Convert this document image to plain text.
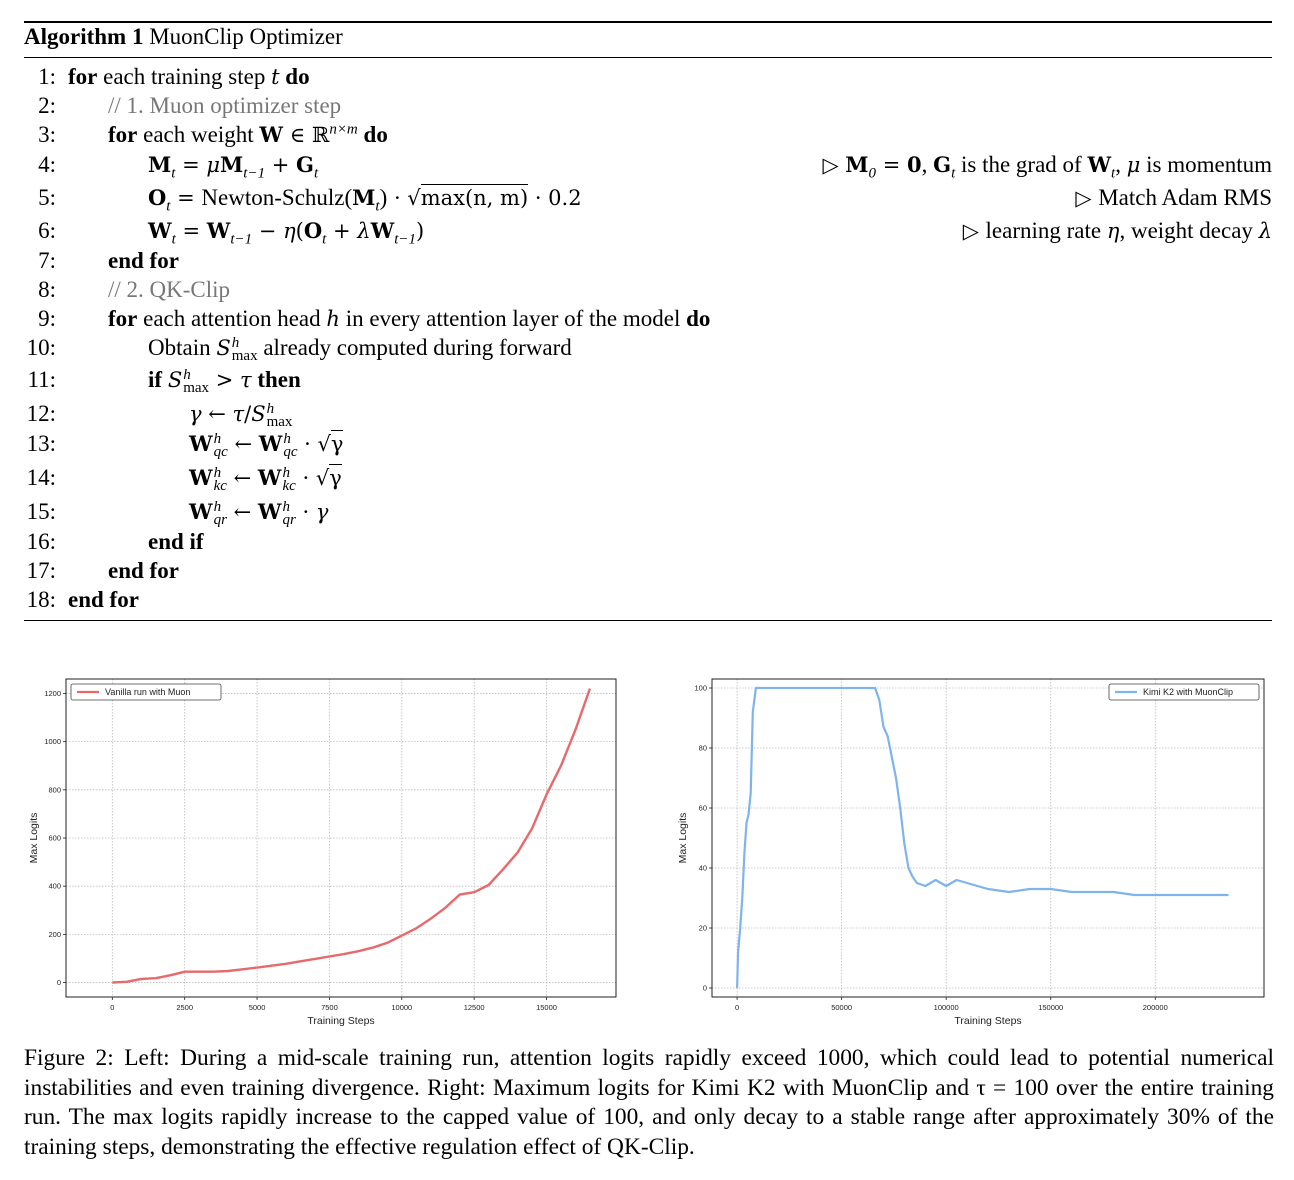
Algorithm 1 MuonClip Optimizer
1: for each training step t do
2: // 1. Muon optimizer step
3: for each weight W ∈ ℝ$^{n\times m}$ do
4:	$M_t = \mu M_{t-1} + G_t$	▷ $M_0 = 0$, $G_t$ is the grad of $W_t$, μ is momentum
5:	$O_t$ = Newton-$Schulz(M_t) \cdot √\max(n$, m) · 0.2	▷ Match Adam RMS
6:	$W_t = W_{t-1} - \eta(O_t + \lambda W_{t-1})$	▷ learning rate η, weight decay λ
7: end for
8: // 2. QK-Clip
9: for each attention head h in every attention layer of the model do
10:	Obtain S h
max already computed during forward
11:	if S h
max > τ then
12:	γ ← τ/S h
max
13:	W h
qc ← W h
qc · √γ
14:	W h
kc ← W h
kc · √γ
15:	W h
qr ← W h
qr · γ
16:	end if
17: end for
18: end for
0	2500	5000	7500	10000	12500	15000
0
200
400
600
800
1000
1200
Training Steps
Max Logits
Vanilla run with Muon
0	50000	100000	150000	200000
0
20
40
60
80
100
Training Steps
Max Logits
Kimi K2 with MuonClip
Figure 2: Left: During a mid-scale training run, attention logits rapidly exceed 1000, which could lead to potential numerical instabilities and even training divergence. Right: Maximum logits for Kimi K2 with MuonClip and τ = 100 over the entire training run. The max logits rapidly increase to the capped value of 100, and only decay to a stable range after approximately 30% of the training steps, demonstrating the effective regulation effect of QK-Clip.
